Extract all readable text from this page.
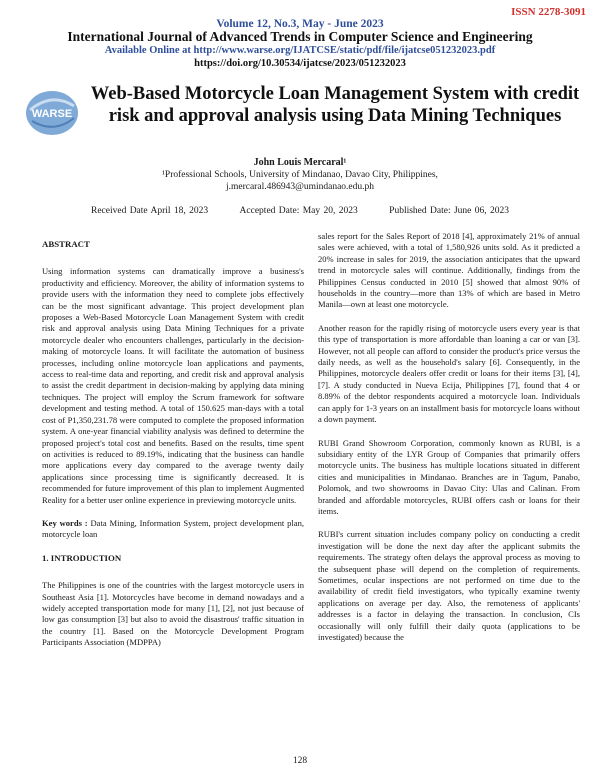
ISSN 2278-3091
Volume 12, No.3, May - June 2023
International Journal of Advanced Trends in Computer Science and Engineering
Available Online at http://www.warse.org/IJATCSE/static/pdf/file/ijatcse051232023.pdf
https://doi.org/10.30534/ijatcse/2023/051232023
WARSE
Web-Based Motorcycle Loan Management System with credit risk and approval analysis using Data Mining Techniques
John Louis Mercaral¹
¹Professional Schools, University of Mindanao, Davao City, Philippines,
j.mercaral.486943@umindanao.edu.ph
Received Date April 18, 2023	Accepted Date: May 20, 2023	Published Date: June 06, 2023
ABSTRACT

Using information systems can dramatically improve a business's productivity and efficiency. Moreover, the ability of information systems to provide users with the information they need to complete jobs effectively can be the most significant advantage. This project development plan proposes a Web-Based Motorcycle Loan Management System with credit risk and approval analysis using Data Mining Techniques for a private motorcycle dealer who encounters challenges, particularly in the decision-making of motorcycle loans. It will facilitate the automation of business processes, including online motorcycle loan applications and payments, access to real-time data and reporting, and credit risk and approval analysis to assist the credit department in decision-making by applying data mining techniques. The project will employ the Scrum framework for software development and testing method. A total of 150.625 man-days with a total cost of P1,350,231.78 were computed to complete the proposed information system. A one-year financial viability analysis was defined to determine the proposed project's total cost and benefits. Based on the results, time spent on activities is reduced to 89.19%, indicating that the business can handle more applications every day compared to the average twenty daily applications since processing time is significantly decreased. It is recommended for future improvement of this plan to implement Augmented Reality for a better user online experience in previewing motorcycle units.

Key words : Data Mining, Information System, project development plan, motorcycle loan

1. INTRODUCTION

The Philippines is one of the countries with the largest motorcycle users in Southeast Asia [1]. Motorcycles have become in demand nowadays and a widely accepted transportation mode for many [1], [2], not just because of low gas consumption [3] but also to avoid the disastrous' traffic situation in the country [1]. Based on the Motorcycle Development Program Participants Association (MDPPA)

sales report for the Sales Report of 2018 [4], approximately 21% of annual sales were achieved, with a total of 1,580,926 units sold. As it predicted a 20% increase in sales for 2019, the association anticipates that the upward trend in motorcycle sales will continue. Additionally, findings from the Philippines Census conducted in 2010 [5] showed that almost 90% of households in the country—more than 13% of which are based in Metro Manila—own at least one motorcycle.

Another reason for the rapidly rising of motorcycle users every year is that this type of transportation is more affordable than loaning a car or van [3]. However, not all people can afford to consider the product's price versus the daily needs, as well as the household's salary [6]. Consequently, in the Philippines, motorcycle dealers offer credit or loans for their items [3], [4], [7]. A study conducted in Nueva Ecija, Philippines [7], found that 4 or 8.89% of the debtor respondents acquired a motorcycle loan. Individuals can apply for 1-3 years on an installment basis for motorcycle loans without a down payment.

RUBI Grand Showroom Corporation, commonly known as RUBI, is a subsidiary entity of the LYR Group of Companies that primarily offers motorcycle units. The business has multiple locations situated in different cities and municipalities in Mindanao. Branches are in Tagum, Panabo, Polomok, and two showrooms in Davao City: Ulas and Calinan. From branded and affordable motorcycles, RUBI offers cash or loans for their items.

RUBI's current situation includes company policy on conducting a credit investigation will be done the next day after the applicant submits the requirements. The strategy often delays the approval process as moving to the subsequent phase will depend on the completion of requirements. Sometimes, ocular inspections are not performed on time due to the availability of credit field investigators, who typically examine twenty applications on average per day. Also, the remoteness of applicants' addresses is a factor in delaying the transaction. In conclusion, CIs occasionally will only fulfill their daily quota (applications to be investigated) because the

128
